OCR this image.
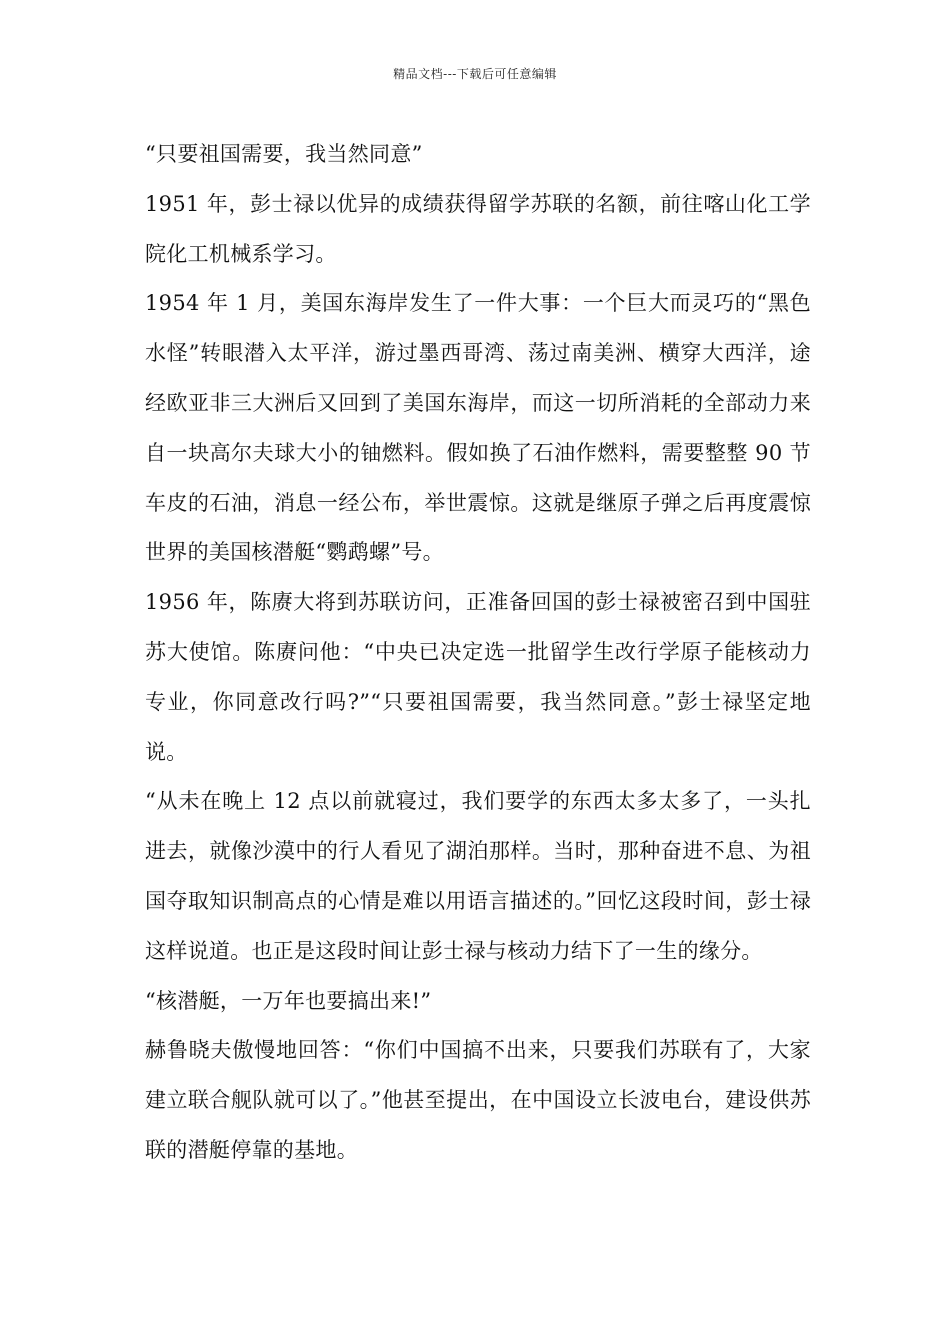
精品文档---下载后可任意编辑

“只要祖国需要，我当然同意”

1951 年，彭士禄以优异的成绩获得留学苏联的名额，前往喀山化工学院化工机械系学习。

1954 年 1 月，美国东海岸发生了一件大事：一个巨大而灵巧的“黑色水怪”转眼潜入太平洋，游过墨西哥湾、荡过南美洲、横穿大西洋，途经欧亚非三大洲后又回到了美国东海岸，而这一切所消耗的全部动力来自一块高尔夫球大小的铀燃料。假如换了石油作燃料，需要整整 90 节车皮的石油，消息一经公布，举世震惊。这就是继原子弹之后再度震惊世界的美国核潜艇“鹦鹉螺”号。

1956 年，陈赓大将到苏联访问，正准备回国的彭士禄被密召到中国驻苏大使馆。陈赓问他：“中央已决定选一批留学生改行学原子能核动力专业，你同意改行吗?”“只要祖国需要，我当然同意。”彭士禄坚定地说。

“从未在晚上 12 点以前就寝过，我们要学的东西太多太多了，一头扎进去，就像沙漠中的行人看见了湖泊那样。当时，那种奋进不息、为祖国夺取知识制高点的心情是难以用语言描述的。”回忆这段时间，彭士禄这样说道。也正是这段时间让彭士禄与核动力结下了一生的缘分。

“核潜艇，一万年也要搞出来!”

赫鲁晓夫傲慢地回答：“你们中国搞不出来，只要我们苏联有了，大家建立联合舰队就可以了。”他甚至提出，在中国设立长波电台，建设供苏联的潜艇停靠的基地。
